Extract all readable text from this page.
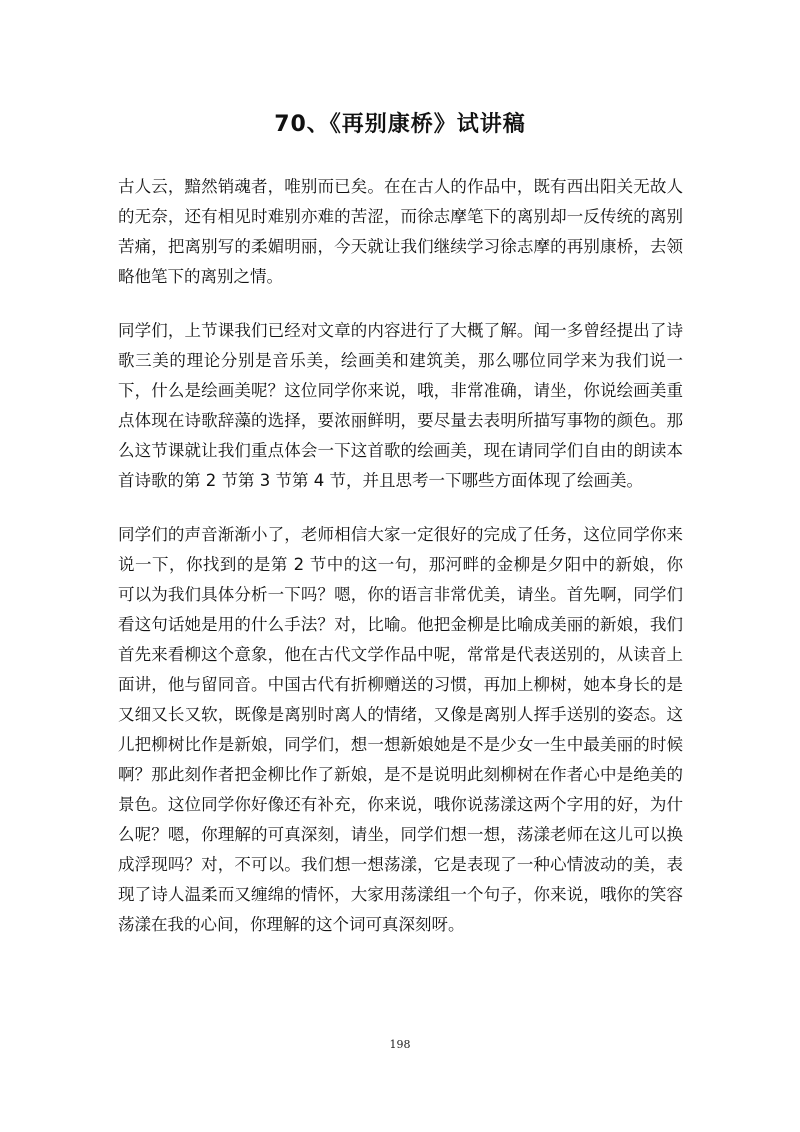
70、《再别康桥》试讲稿

古人云，黯然销魂者，唯别而已矣。在在古人的作品中，既有西出阳关无故人的无奈，还有相见时难别亦难的苦涩，而徐志摩笔下的离别却一反传统的离别苦痛，把离别写的柔媚明丽，今天就让我们继续学习徐志摩的再别康桥，去领略他笔下的离别之情。

同学们，上节课我们已经对文章的内容进行了大概了解。闻一多曾经提出了诗歌三美的理论分别是音乐美，绘画美和建筑美，那么哪位同学来为我们说一下，什么是绘画美呢？这位同学你来说，哦，非常准确，请坐，你说绘画美重点体现在诗歌辞藻的选择，要浓丽鲜明，要尽量去表明所描写事物的颜色。那么这节课就让我们重点体会一下这首歌的绘画美，现在请同学们自由的朗读本首诗歌的第 2 节第 3 节第 4 节，并且思考一下哪些方面体现了绘画美。

同学们的声音渐渐小了，老师相信大家一定很好的完成了任务，这位同学你来说一下，你找到的是第 2 节中的这一句，那河畔的金柳是夕阳中的新娘，你可以为我们具体分析一下吗？嗯，你的语言非常优美，请坐。首先啊，同学们看这句话她是用的什么手法？对，比喻。他把金柳是比喻成美丽的新娘，我们首先来看柳这个意象，他在古代文学作品中呢，常常是代表送别的，从读音上面讲，他与留同音。中国古代有折柳赠送的习惯，再加上柳树，她本身长的是又细又长又软，既像是离别时离人的情绪，又像是离别人挥手送别的姿态。这儿把柳树比作是新娘，同学们，想一想新娘她是不是少女一生中最美丽的时候啊？那此刻作者把金柳比作了新娘，是不是说明此刻柳树在作者心中是绝美的景色。这位同学你好像还有补充，你来说，哦你说荡漾这两个字用的好，为什么呢？嗯，你理解的可真深刻，请坐，同学们想一想，荡漾老师在这儿可以换成浮现吗？对，不可以。我们想一想荡漾，它是表现了一种心情波动的美，表现了诗人温柔而又缠绵的情怀，大家用荡漾组一个句子，你来说，哦你的笑容荡漾在我的心间，你理解的这个词可真深刻呀。

198
